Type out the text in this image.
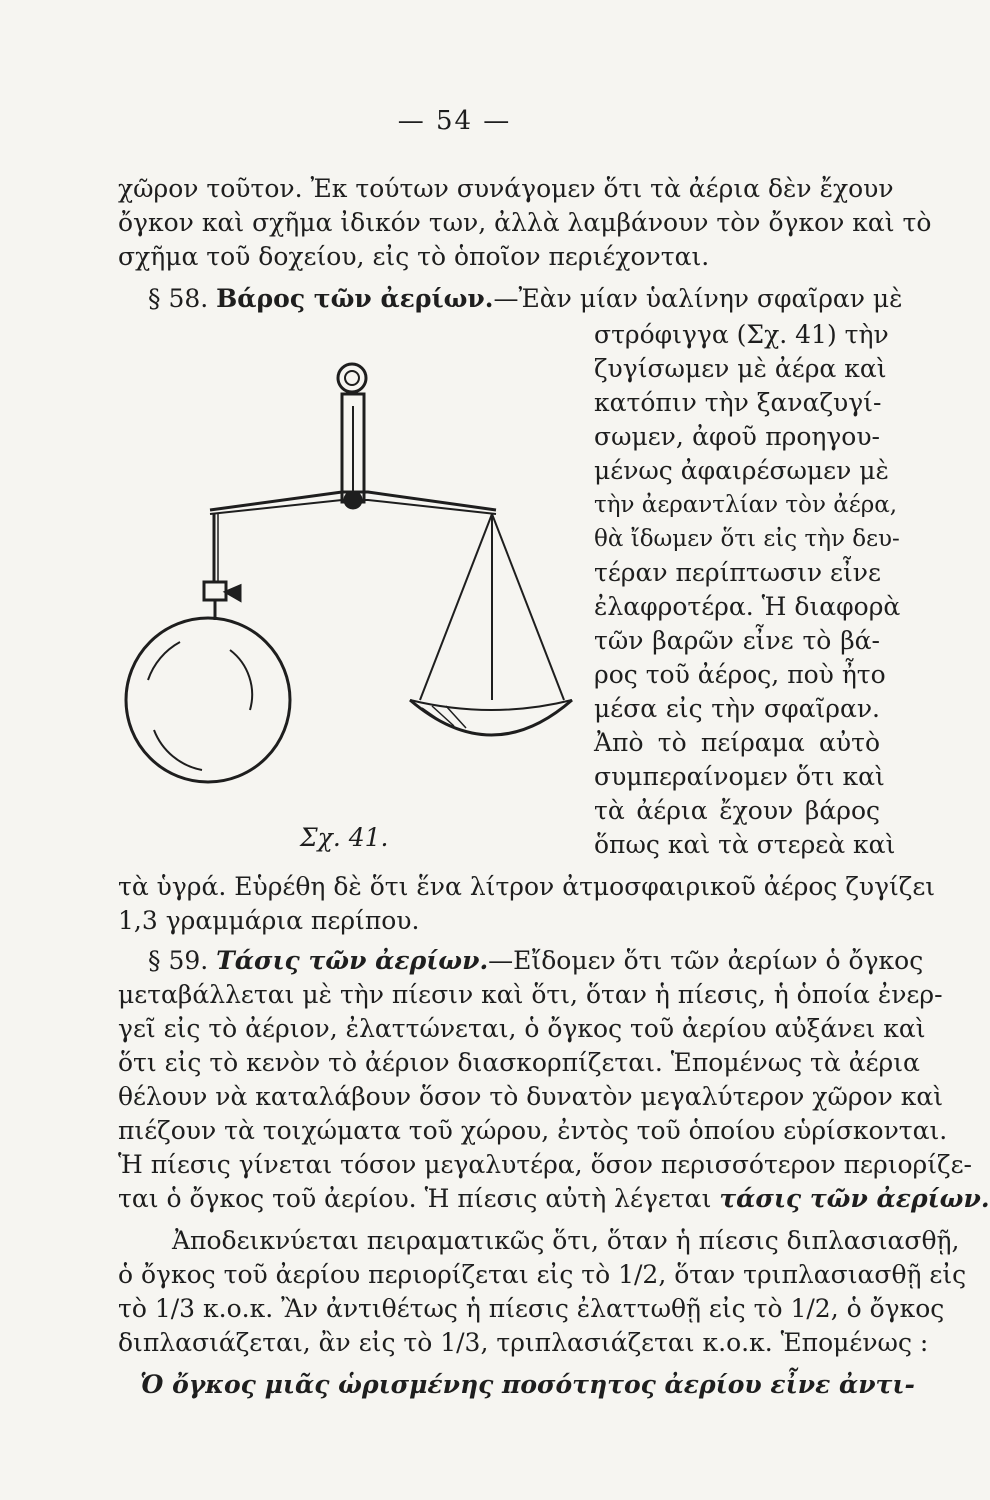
— 54 —
χῶρον τοῦτον. Ἐκ τούτων συνάγομεν ὅτι τὰ ἀέρια δὲν ἔχουν
ὄγκον καὶ σχῆμα ἰδικόν των, ἀλλὰ λαμβάνουν τὸν ὄγκον καὶ τὸ
σχῆμα τοῦ δοχείου, εἰς τὸ ὁποῖον περιέχονται.
§ 58. Βάρος τῶν ἀερίων.—Ἐὰν μίαν ὑαλίνην σφαῖραν μὲ
στρόφιγγα (Σχ. 41) τὴν
ζυγίσωμεν μὲ ἀέρα καὶ
κατόπιν τὴν ξαναζυγί-
σωμεν, ἀφοῦ προηγου-
μένως ἀφαιρέσωμεν μὲ
τὴν ἀεραντλίαν τὸν ἀέρα,
θὰ ἴδωμεν ὅτι εἰς τὴν δευ-
τέραν περίπτωσιν εἶνε
ἐλαφροτέρα. Ἡ διαφορὰ
τῶν βαρῶν εἶνε τὸ βά-
ρος τοῦ ἀέρος, ποὺ ἦτο
μέσα εἰς τὴν σφαῖραν.
Ἀπὸ τὸ πείραμα αὐτὸ
συμπεραίνομεν ὅτι καὶ
τὰ ἀέρια ἔχουν βάρος
ὅπως καὶ τὰ στερεὰ καὶ
Σχ. 41.
τὰ ὑγρά. Εὑρέθη δὲ ὅτι ἕνα λίτρον ἀτμοσφαιρικοῦ ἀέρος ζυγίζει
1,3 γραμμάρια περίπου.
§ 59. Τάσις τῶν ἀερίων.—Εἴδομεν ὅτι τῶν ἀερίων ὁ ὄγκος
μεταβάλλεται μὲ τὴν πίεσιν καὶ ὅτι, ὅταν ἡ πίεσις, ἡ ὁποία ἐνερ-
γεῖ εἰς τὸ ἀέριον, ἐλαττώνεται, ὁ ὄγκος τοῦ ἀερίου αὐξάνει καὶ
ὅτι εἰς τὸ κενὸν τὸ ἀέριον διασκορπίζεται. Ἑπομένως τὰ ἀέρια
θέλουν νὰ καταλάβουν ὅσον τὸ δυνατὸν μεγαλύτερον χῶρον καὶ
πιέζουν τὰ τοιχώματα τοῦ χώρου, ἐντὸς τοῦ ὁποίου εὑρίσκονται.
Ἡ πίεσις γίνεται τόσον μεγαλυτέρα, ὅσον περισσότερον περιορίζε-
ται ὁ ὄγκος τοῦ ἀερίου. Ἡ πίεσις αὐτὴ λέγεται τάσις τῶν ἀερίων.
Ἀποδεικνύεται πειραματικῶς ὅτι, ὅταν ἡ πίεσις διπλασιασθῇ,
ὁ ὄγκος τοῦ ἀερίου περιορίζεται εἰς τὸ 1/2, ὅταν τριπλασιασθῇ εἰς
τὸ 1/3 κ.ο.κ. Ἂν ἀντιθέτως ἡ πίεσις ἐλαττωθῇ εἰς τὸ 1/2, ὁ ὄγκος
διπλασιάζεται, ἂν εἰς τὸ 1/3, τριπλασιάζεται κ.ο.κ. Ἑπομένως :
Ὁ ὄγκος μιᾶς ὡρισμένης ποσότητος ἀερίου εἶνε ἀντι-
